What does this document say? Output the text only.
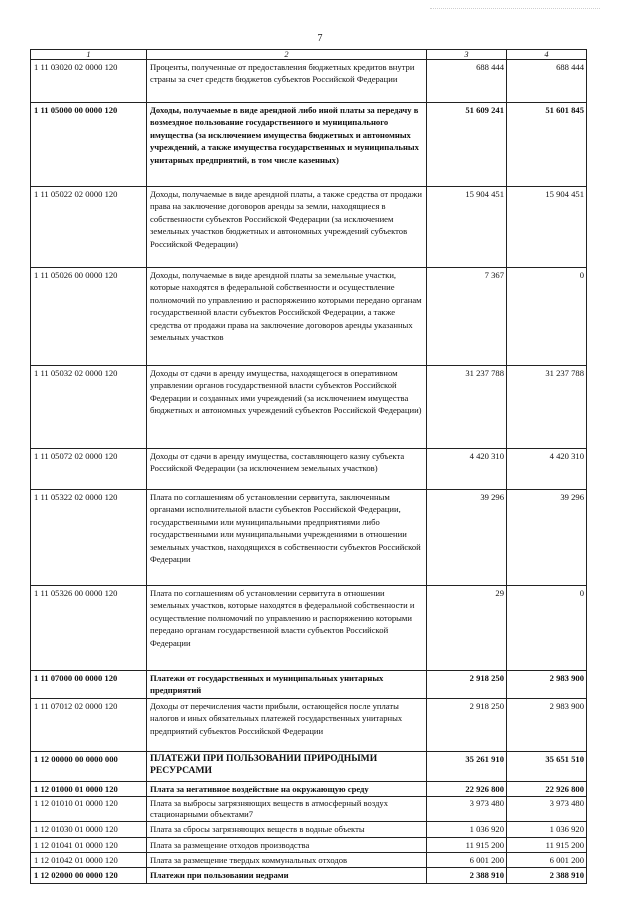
7
1	2	3	4
1 11 03020 02 0000 120	Проценты, полученные от предоставления бюджетных кредитов внутри страны за счет средств бюджетов субъектов Российской Федерации	688 444	688 444
1 11 05000 00 0000 120	Доходы, получаемые в виде арендной либо иной платы за передачу в возмездное пользование государственного и муниципального имущества (за исключением имущества бюджетных и автономных учреждений, а также имущества государственных и муниципальных унитарных предприятий, в том числе казенных)	51 609 241	51 601 845
1 11 05022 02 0000 120	Доходы, получаемые в виде арендной платы, а также средства от продажи права на заключение договоров аренды за земли, находящиеся в собственности субъектов Российской Федерации (за исключением земельных участков бюджетных и автономных учреждений субъектов Российской Федерации)	15 904 451	15 904 451
1 11 05026 00 0000 120	Доходы, получаемые в виде арендной платы за земельные участки, которые находятся в федеральной собственности и осуществление полномочий по управлению и распоряжению которыми передано органам государственной власти субъектов Российской Федерации, а также средства от продажи права на заключение договоров аренды указанных земельных участков	7 367	0
1 11 05032 02 0000 120	Доходы от сдачи в аренду имущества, находящегося в оперативном управлении органов государственной власти субъектов Российской Федерации и созданных ими учреждений (за исключением имущества бюджетных и автономных учреждений субъектов Российской Федерации)	31 237 788	31 237 788
1 11 05072 02 0000 120	Доходы от сдачи в аренду имущества, составляющего казну субъекта Российской Федерации (за исключением земельных участков)	4 420 310	4 420 310
1 11 05322 02 0000 120	Плата по соглашениям об установлении сервитута, заключенным органами исполнительной власти субъектов Российской Федерации, государственными или муниципальными предприятиями либо государственными или муниципальными учреждениями в отношении земельных участков, находящихся в собственности субъектов Российской Федерации	39 296	39 296
1 11 05326 00 0000 120	Плата по соглашениям об установлении сервитута в отношении земельных участков, которые находятся в федеральной собственности и осуществление полномочий по управлению и распоряжению которыми передано органам государственной власти субъектов Российской Федерации	29	0
1 11 07000 00 0000 120	Платежи от государственных и муниципальных унитарных предприятий	2 918 250	2 983 900
1 11 07012 02 0000 120	Доходы от перечисления части прибыли, остающейся после уплаты налогов и иных обязательных платежей государственных унитарных предприятий субъектов Российской Федерации	2 918 250	2 983 900
1 12 00000 00 0000 000	ПЛАТЕЖИ ПРИ ПОЛЬЗОВАНИИ ПРИРОДНЫМИ РЕСУРСАМИ	35 261 910	35 651 510
1 12 01000 01 0000 120	Плата за негативное воздействие на окружающую среду	22 926 800	22 926 800
1 12 01010 01 0000 120	Плата за выбросы загрязняющих веществ в атмосферный воздух стационарными объектами7	3 973 480	3 973 480
1 12 01030 01 0000 120	Плата за сбросы загрязняющих веществ в водные объекты	1 036 920	1 036 920
1 12 01041 01 0000 120	Плата за размещение отходов производства	11 915 200	11 915 200
1 12 01042 01 0000 120	Плата за размещение твердых коммунальных отходов	6 001 200	6 001 200
1 12 02000 00 0000 120	Платежи при пользовании недрами	2 388 910	2 388 910
